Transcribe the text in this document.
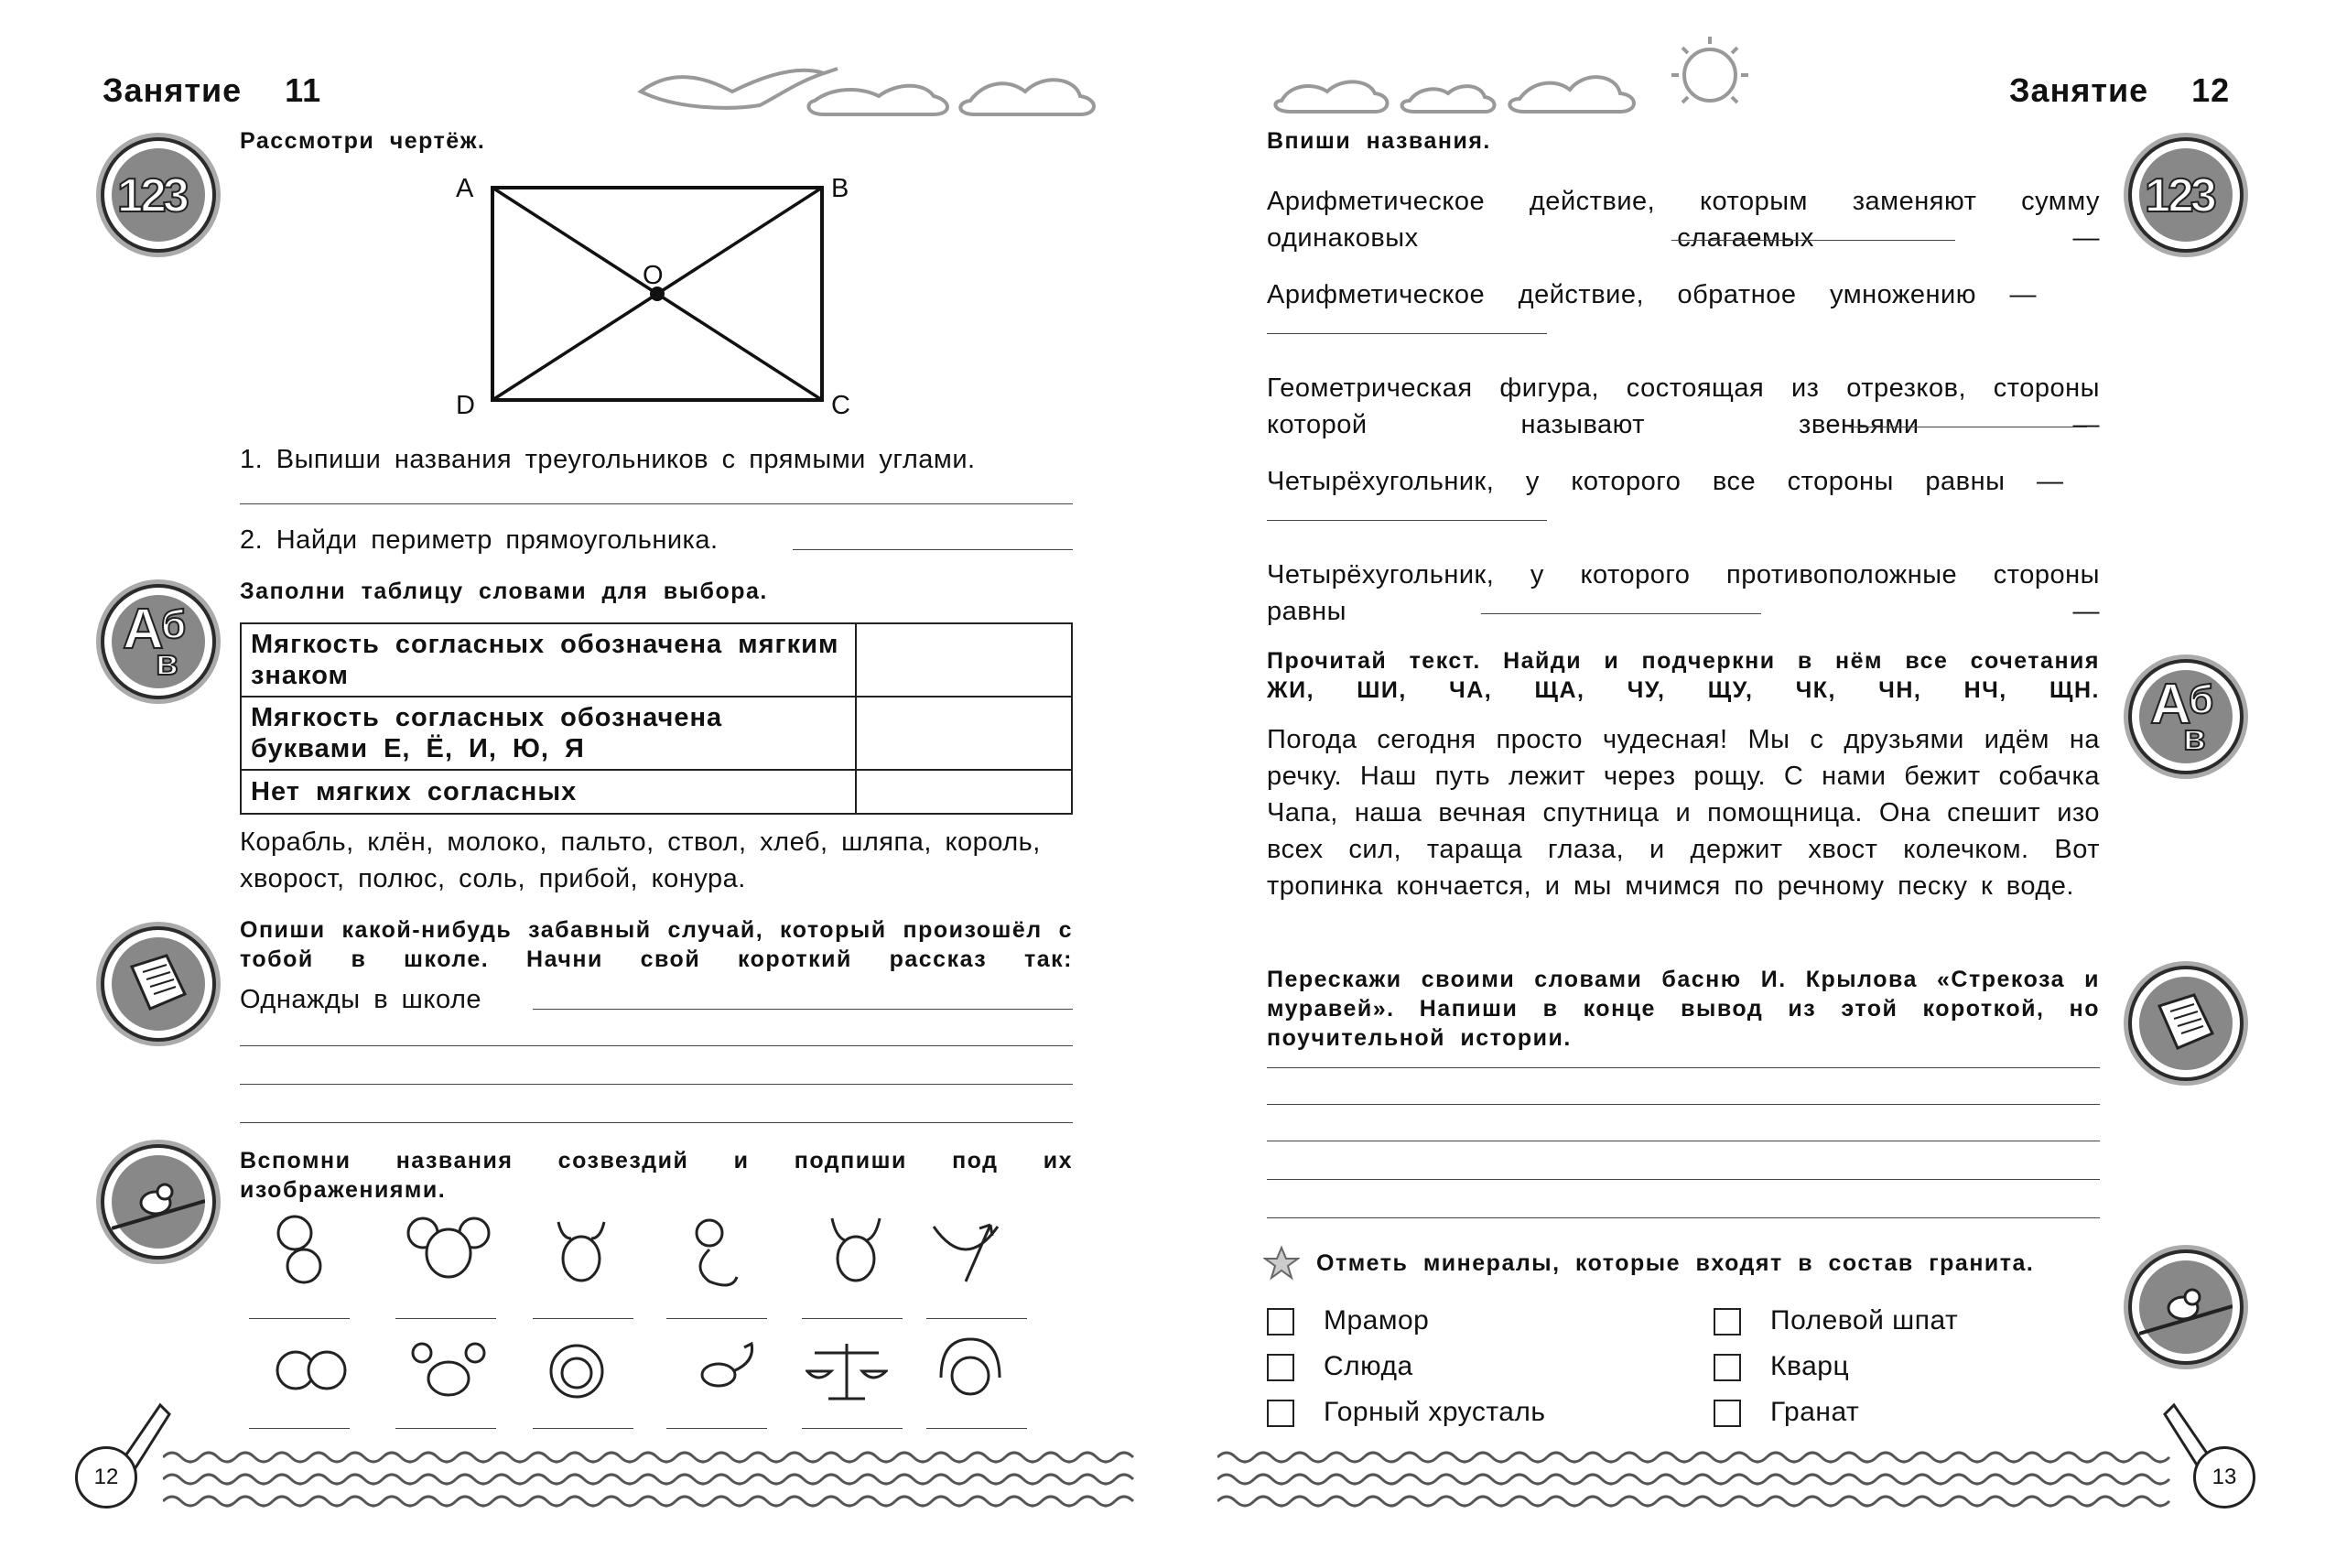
Занятие 11
123
Рассмотри чертёж.
A	B
C
D
O
1. Выпиши названия треугольников с прямыми углами.
2. Найди периметр прямоугольника.
А
б
в
Заполни таблицу словами для выбора.
Мягкость согласных обозначена мягким знаком	
Мягкость согласных обозначена буквами Е, Ё, И, Ю, Я	
Нет мягких согласных	
Корабль, клён, молоко, пальто, ствол, хлеб, шляпа, король, хворост, полюс, соль, прибой, конура.
Опиши какой-нибудь забавный случай, который произошёл с тобой в школе. Начни свой короткий рассказ так:
Однажды в школе
Вспомни названия созвездий и подпиши под их изображениями.
12
Занятие 12
123
Впиши названия.
Арифметическое действие, которым заменяют сумму одинаковых слагаемых —
Арифметическое действие, обратное умножению —
Геометрическая фигура, состоящая из отрезков, стороны которой называют звеньями —
Четырёхугольник, у которого все стороны равны —
Четырёхугольник, у которого противоположные стороны равны —
Прочитай текст. Найди и подчеркни в нём все сочетания ЖИ, ШИ, ЧА, ЩА, ЧУ, ЩУ, ЧК, ЧН, НЧ, ЩН.
Погода сегодня просто чудесная! Мы с друзьями идём на речку. Наш путь лежит через рощу. С нами бежит собачка Чапа, наша вечная спутница и помощница. Она спешит изо всех сил, тараща глаза, и держит хвост колечком. Вот тропинка кончается, и мы мчимся по речному песку к воде.
А
б
в
Перескажи своими словами басню И. Крылова «Стрекоза и муравей». Напиши в конце вывод из этой короткой, но поучительной истории.
Отметь минералы, которые входят в состав гранита.
Мрамор
Слюда
Горный хрусталь
Полевой шпат
Кварц
Гранат
13
